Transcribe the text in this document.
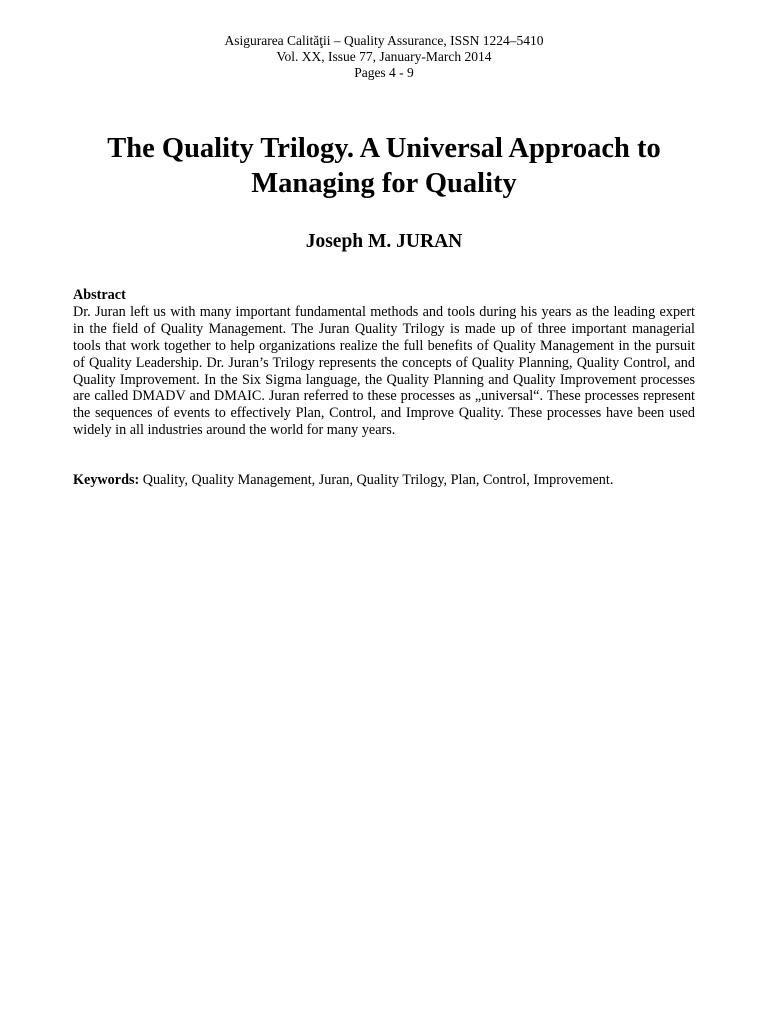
Asigurarea Calităţii – Quality Assurance, ISSN 1224–5410
Vol. XX, Issue 77, January-March 2014
Pages 4 - 9
The Quality Trilogy. A Universal Approach to
Managing for Quality
Joseph M. JURAN
Abstract
Dr. Juran left us with many important fundamental methods and tools during his years as the leading expert in the field of Quality Management. The Juran Quality Trilogy is made up of three important managerial tools that work together to help organizations realize the full benefits of Quality Management in the pursuit of Quality Leadership. Dr. Juran’s Trilogy represents the concepts of Quality Planning, Quality Control, and Quality Improvement. In the Six Sigma language, the Quality Planning and Quality Improvement processes are called DMADV and DMAIC. Juran referred to these processes as „universal“. These processes represent the sequences of events to effectively Plan, Control, and Improve Quality. These processes have been used widely in all industries around the world for many years.
Keywords: Quality, Quality Management, Juran, Quality Trilogy, Plan, Control, Improvement.
